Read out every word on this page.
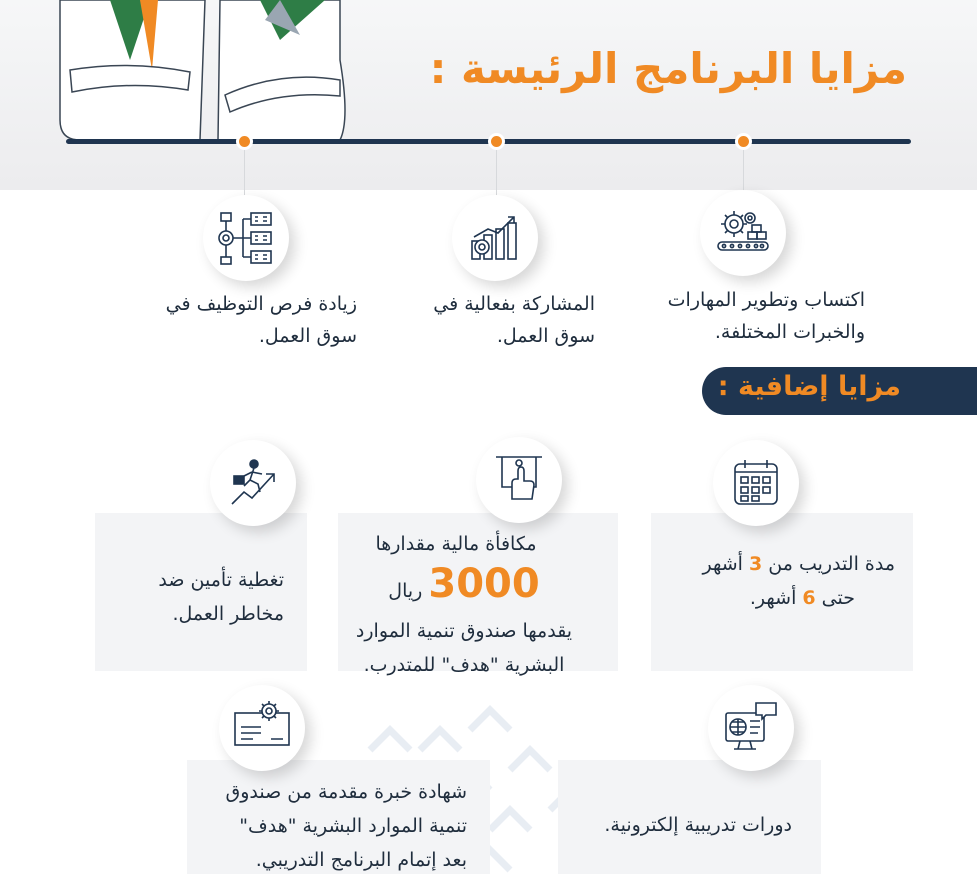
مزايا البرنامج الرئيسة :
اكتساب وتطوير المهارات
والخبرات المختلفة.
المشاركة بفعالية في
سوق العمل.
زيادة فرص التوظيف في
سوق العمل.
مزايا إضافية :
مدة التدريب من 3 أشهر
حتى 6 أشهر.
مكافأة مالية مقدارها
3000 ريال
يقدمها صندوق تنمية الموارد
البشرية "هدف" للمتدرب.
تغطية تأمين ضد
مخاطر العمل.
دورات تدريبية إلكترونية.
شهادة خبرة مقدمة من صندوق
تنمية الموارد البشرية "هدف"
بعد إتمام البرنامج التدريبي.
